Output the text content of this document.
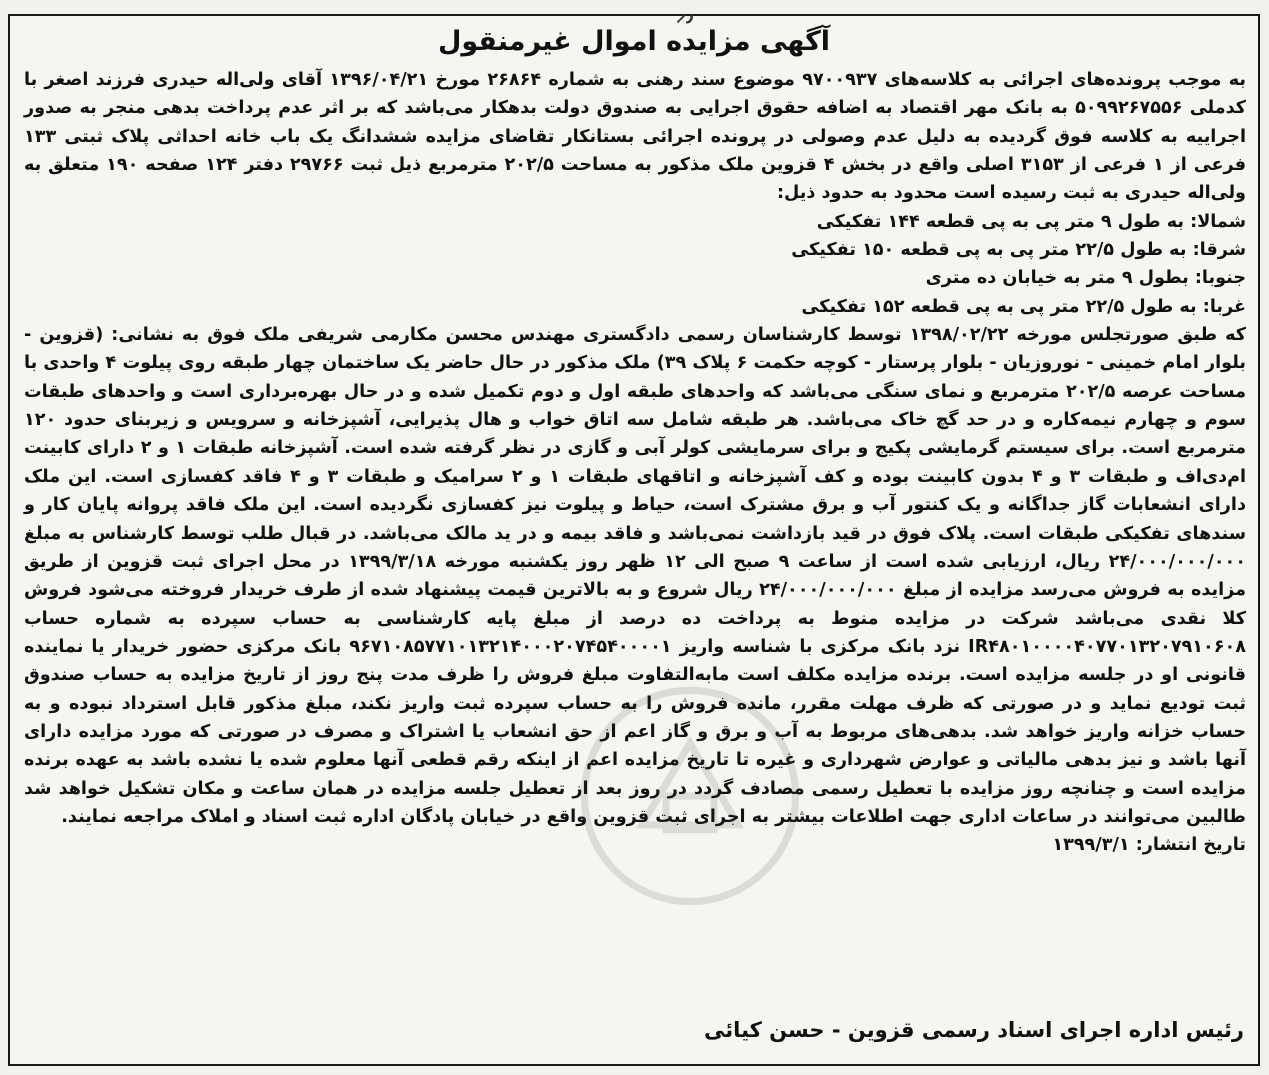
آگهی مزایده اموال غیرمنقول

به موجب پرونده‌های اجرائی به کلاسه‌های ۹۷۰۰۹۳۷ موضوع سند رهنی به شماره ۲۶۸۶۴ مورخ ۱۳۹۶/۰۴/۲۱ آقای ولی‌اله حیدری فرزند اصغر با کدملی ۵۰۹۹۲۶۷۵۵۶ به بانک مهر اقتصاد به اضافه حقوق اجرایی به صندوق دولت بدهکار می‌باشد که بر اثر عدم پرداخت بدهی منجر به صدور اجراییه به کلاسه فوق گردیده به دلیل عدم وصولی در پرونده اجرائی بستانکار تقاضای مزایده ششدانگ یک باب خانه احداثی پلاک ثبتی ۱۳۳ فرعی از ۱ فرعی از ۳۱۵۳ اصلی واقع در بخش ۴ قزوین ملک مذکور به مساحت ۲۰۲/۵ مترمربع ذیل ثبت ۲۹۷۶۶ دفتر ۱۲۴ صفحه ۱۹۰ متعلق به ولی‌اله حیدری به ثبت رسیده است محدود به حدود ذیل:

شمالا: به طول ۹ متر پی به پی قطعه ۱۴۴ تفکیکی

شرقا: به طول ۲۲/۵ متر پی به پی قطعه ۱۵۰ تفکیکی

جنوبا: بطول ۹ متر به خیابان ده متری

غربا: به طول ۲۲/۵ متر پی به پی قطعه ۱۵۲ تفکیکی

که طبق صورتجلس مورخه ۱۳۹۸/۰۲/۲۲ توسط کارشناسان رسمی دادگستری مهندس محسن مکارمی شریفی ملک فوق به نشانی: (قزوین - بلوار امام خمینی - نوروزیان - بلوار پرستار - کوچه حکمت ۶ پلاک ۳۹) ملک مذکور در حال حاضر یک ساختمان چهار طبقه روی پیلوت ۴ واحدی با مساحت عرصه ۲۰۲/۵ مترمربع و نمای سنگی می‌باشد که واحدهای طبقه اول و دوم تکمیل شده و در حال بهره‌برداری است و واحدهای طبقات سوم و چهارم نیمه‌کاره و در حد گچ خاک می‌باشد. هر طبقه شامل سه اتاق خواب و هال پذیرایی، آشپزخانه و سرویس و زیربنای حدود ۱۲۰ مترمربع است. برای سیستم گرمایشی پکیج و برای سرمایشی کولر آبی و گازی در نظر گرفته شده است. آشپزخانه طبقات ۱ و ۲ دارای کابینت ام‌دی‌اف و طبقات ۳ و ۴ بدون کابینت بوده و کف آشپزخانه و اتاقهای طبقات ۱ و ۲ سرامیک و طبقات ۳ و ۴ فاقد کفسازی است. این ملک دارای انشعابات گاز جداگانه و یک کنتور آب و برق مشترک است، حیاط و پیلوت نیز کفسازی نگردیده است. این ملک فاقد پروانه پایان کار و سندهای تفکیکی طبقات است. پلاک فوق در قید بازداشت نمی‌باشد و فاقد بیمه و در ید مالک می‌باشد. در قبال طلب توسط کارشناس به مبلغ ۲۴/۰۰۰/۰۰۰/۰۰۰ ریال، ارزیابی شده است از ساعت ۹ صبح الی ۱۲ ظهر روز یکشنبه مورخه ۱۳۹۹/۳/۱۸ در محل اجرای ثبت قزوین از طریق مزایده به فروش می‌رسد مزایده از مبلغ ۲۴/۰۰۰/۰۰۰/۰۰۰ ریال شروع و به بالاترین قیمت پیشنهاد شده از طرف خریدار فروخته می‌شود فروش کلا نقدی می‌باشد شرکت در مزایده منوط به پرداخت ده درصد از مبلغ پایه کارشناسی به حساب سپرده به شماره حساب IR۴۸۰۱۰۰۰۰۴۰۷۷۰۱۳۲۰۷۹۱۰۶۰۸ نزد بانک مرکزی با شناسه واریز ۹۶۷۱۰۸۵۷۷۱۰۱۳۲۱۴۰۰۰۲۰۷۴۵۴۰۰۰۰۱ بانک مرکزی حضور خریدار یا نماینده قانونی او در جلسه مزایده است. برنده مزایده مکلف است مابه‌التفاوت مبلغ فروش را ظرف مدت پنج روز از تاریخ مزایده به حساب صندوق ثبت تودیع نماید و در صورتی که ظرف مهلت مقرر، مانده فروش را به حساب سپرده ثبت واریز نکند، مبلغ مذکور قابل استرداد نبوده و به حساب خزانه واریز خواهد شد. بدهی‌های مربوط به آب و برق و گاز اعم از حق انشعاب یا اشتراک و مصرف در صورتی که مورد مزایده دارای آنها باشد و نیز بدهی مالیاتی و عوارض شهرداری و غیره تا تاریخ مزایده اعم از اینکه رقم قطعی آنها معلوم شده یا نشده باشد به عهده برنده مزایده است و چنانچه روز مزایده با تعطیل رسمی مصادف گردد در روز بعد از تعطیل جلسه مزایده در همان ساعت و مکان تشکیل خواهد شد طالبین می‌توانند در ساعات اداری جهت اطلاعات بیشتر به اجرای ثبت قزوین واقع در خیابان پادگان اداره ثبت اسناد و املاک مراجعه نمایند.

تاریخ انتشار: ۱۳۹۹/۳/۱

رئیس اداره اجرای اسناد رسمی قزوین - حسن کیائی
⸝٫
